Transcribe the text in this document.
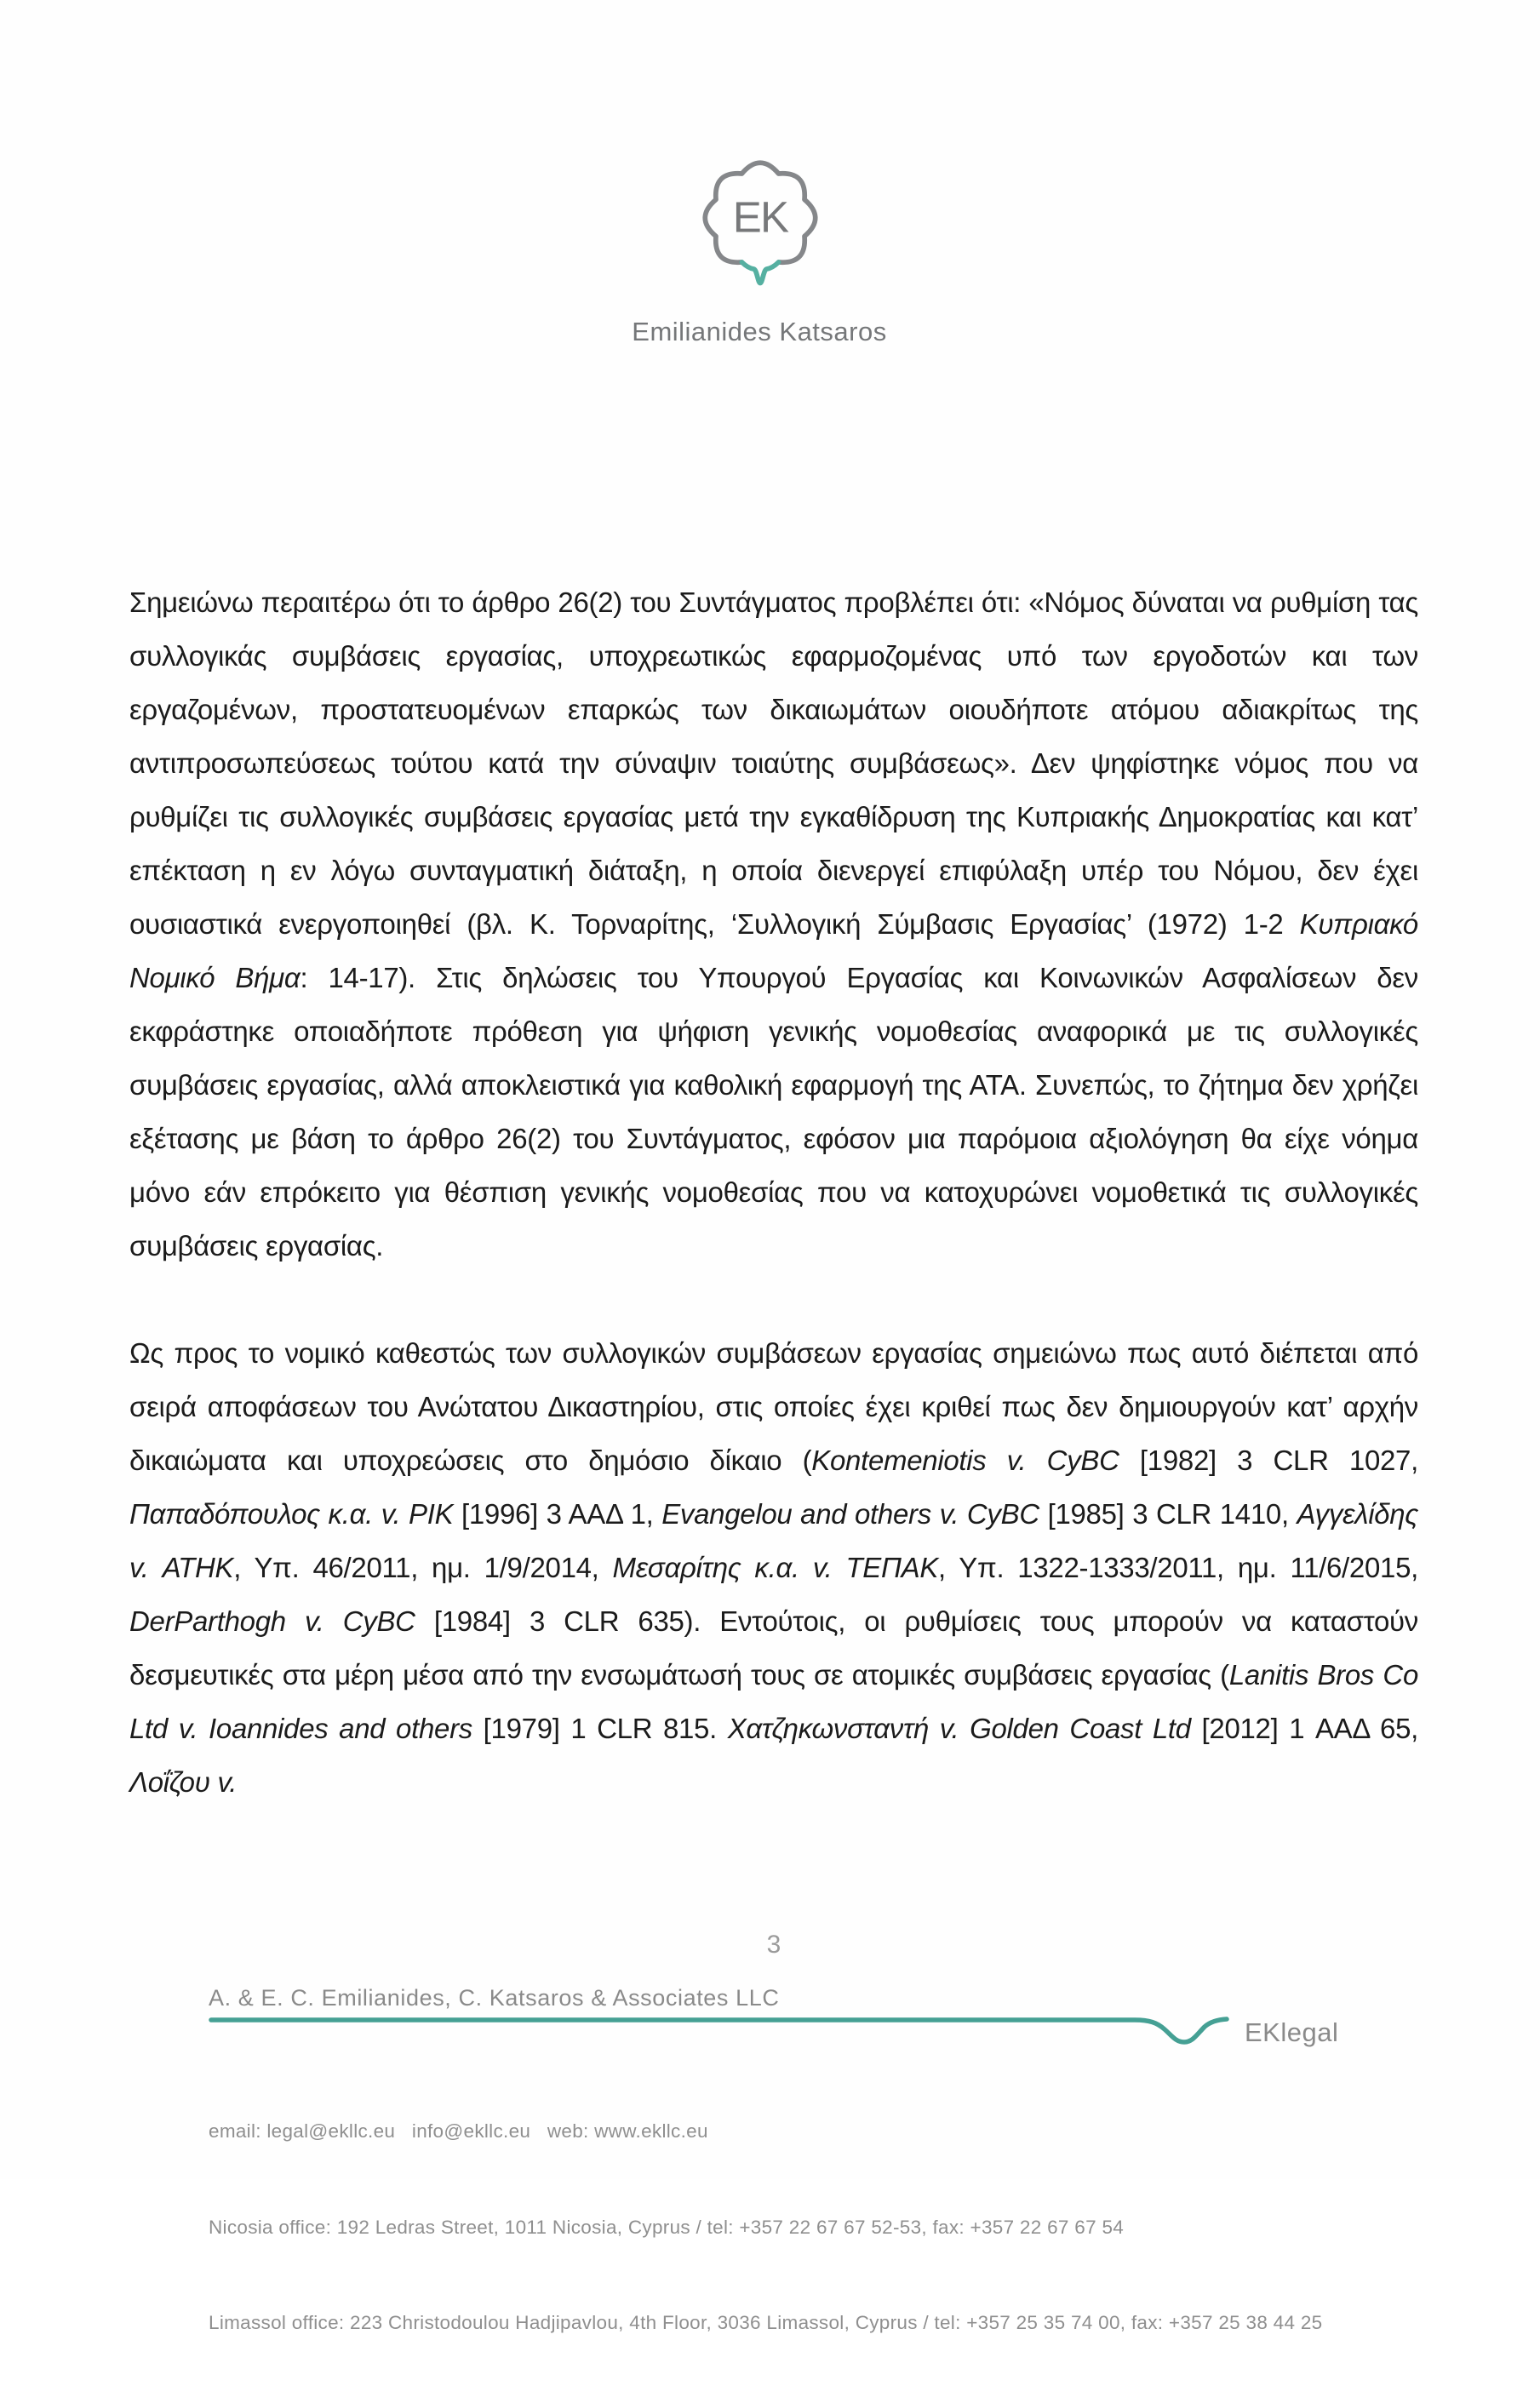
EK
Emilianides Katsaros

Σημειώνω περαιτέρω ότι το άρθρο 26(2) του Συντάγματος προβλέπει ότι: «Νόμος δύναται να ρυθμίση τας συλλογικάς συμβάσεις εργασίας, υποχρεωτικώς εφαρμοζομένας υπό των εργοδοτών και των εργαζομένων, προστατευομένων επαρκώς των δικαιωμάτων οιουδήποτε ατόμου αδιακρίτως της αντιπροσωπεύσεως τούτου κατά την σύναψιν τοιαύτης συμβάσεως». Δεν ψηφίστηκε νόμος που να ρυθμίζει τις συλλογικές συμβάσεις εργασίας μετά την εγκαθίδρυση της Κυπριακής Δημοκρατίας και κατ’ επέκταση η εν λόγω συνταγματική διάταξη, η οποία διενεργεί επιφύλαξη υπέρ του Νόμου, δεν έχει ουσιαστικά ενεργοποιηθεί (βλ. Κ. Τορναρίτης, ‘Συλλογική Σύμβασις Εργασίας’ (1972) 1-2 Κυπριακό Νομικό Βήμα: 14-17). Στις δηλώσεις του Υπουργού Εργασίας και Κοινωνικών Ασφαλίσεων δεν εκφράστηκε οποιαδήποτε πρόθεση για ψήφιση γενικής νομοθεσίας αναφορικά με τις συλλογικές συμβάσεις εργασίας, αλλά αποκλειστικά για καθολική εφαρμογή της ΑΤΑ. Συνεπώς, το ζήτημα δεν χρήζει εξέτασης με βάση το άρθρο 26(2) του Συντάγματος, εφόσον μια παρόμοια αξιολόγηση θα είχε νόημα μόνο εάν επρόκειτο για θέσπιση γενικής νομοθεσίας που να κατοχυρώνει νομοθετικά τις συλλογικές συμβάσεις εργασίας.

Ως προς το νομικό καθεστώς των συλλογικών συμβάσεων εργασίας σημειώνω πως αυτό διέπεται από σειρά αποφάσεων του Ανώτατου Δικαστηρίου, στις οποίες έχει κριθεί πως δεν δημιουργούν κατ’ αρχήν δικαιώματα και υποχρεώσεις στο δημόσιο δίκαιο (Kontemeniotis v. CyBC [1982] 3 CLR 1027, Παπαδόπουλος κ.α. v. ΡΙΚ [1996] 3 ΑΑΔ 1, Evangelou and others v. CyBC [1985] 3 CLR 1410, Αγγελίδης v. ΑΤΗΚ, Υπ. 46/2011, ημ. 1/9/2014, Μεσαρίτης κ.α. v. ΤΕΠΑΚ, Υπ. 1322-1333/2011, ημ. 11/6/2015, DerParthogh v. CyBC [1984] 3 CLR 635). Εντούτοις, οι ρυθμίσεις τους μπορούν να καταστούν δεσμευτικές στα μέρη μέσα από την ενσωμάτωσή τους σε ατομικές συμβάσεις εργασίας (Lanitis Bros Co Ltd v. Ioannides and others [1979] 1 CLR 815. Χατζηκωνσταντή v. Golden Coast Ltd [2012] 1 ΑΑΔ 65, Λοΐζου v.

3
A. & E. C. Emilianides, C. Katsaros & Associates LLC
EKlegal

email: legal@ekllc.eu   info@ekllc.eu   web: www.ekllc.eu

Nicosia office: 192 Ledras Street, 1011 Nicosia, Cyprus / tel: +357 22 67 67 52-53, fax: +357 22 67 67 54

Limassol office: 223 Christodoulou Hadjipavlou, 4th Floor, 3036 Limassol, Cyprus / tel: +357 25 35 74 00, fax: +357 25 38 44 25
